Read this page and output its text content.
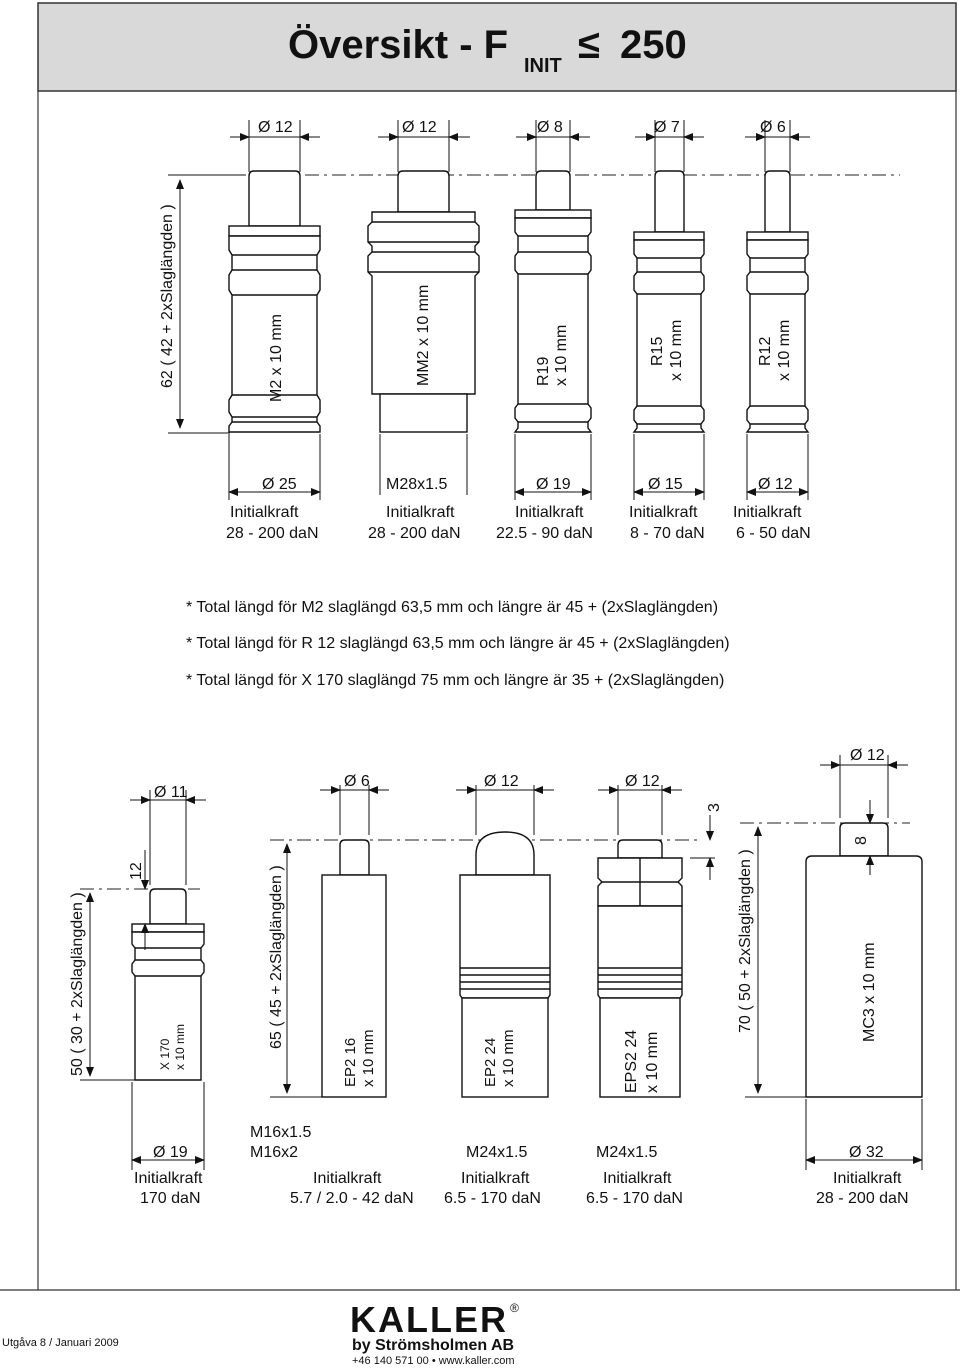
Översikt - F INIT ≤ 250
Ø 12	Ø 12	Ø 8	Ø 7	Ø 6
62 ( 42 + 2xSlaglängden )	M2 x 10 mm	MM2 x 10 mm	R19 x 10 mm	R15 x 10 mm	R12 x 10 mm
Ø 25
Initialkraft
28 - 200 daN
M28x1.5
Initialkraft
28 - 200 daN
Ø 19
Initialkraft
22.5 - 90 daN
Ø 15
Initialkraft
8 - 70 daN
Ø 12
Initialkraft
6 - 50 daN
* Total längd för M2 slaglängd 63,5 mm och längre är 45 + (2xSlaglängden)
* Total längd för R 12 slaglängd 63,5 mm och längre är 45 + (2xSlaglängden)
* Total längd för X 170 slaglängd 75 mm och längre är 35 + (2xSlaglängden)
X 170 x 10 mm
Ø 11
12
50 ( 30 + 2xSlaglängden )
Ø 19
Initialkraft
170 daN
EP2 16 x 10 mm	EP2 24 x 10 mm	EPS2 24 x 10 mm
Ø 6	Ø 12	Ø 12
3
65 ( 45 + 2xSlaglängden )
M16x1.5
M16x2
Initialkraft
5.7 / 2.0 - 42 daN
M24x1.5
Initialkraft
6.5 - 170 daN
M24x1.5
Initialkraft
6.5 - 170 daN
MC3 x 10 mm
Ø 12
8
70 ( 50 + 2xSlaglängden )
Ø 32
Initialkraft
28 - 200 daN
Utgåva 8 / Januari 2009
KALLER ®
by Strömsholmen AB
+46 140 571 00 • www.kaller.com
